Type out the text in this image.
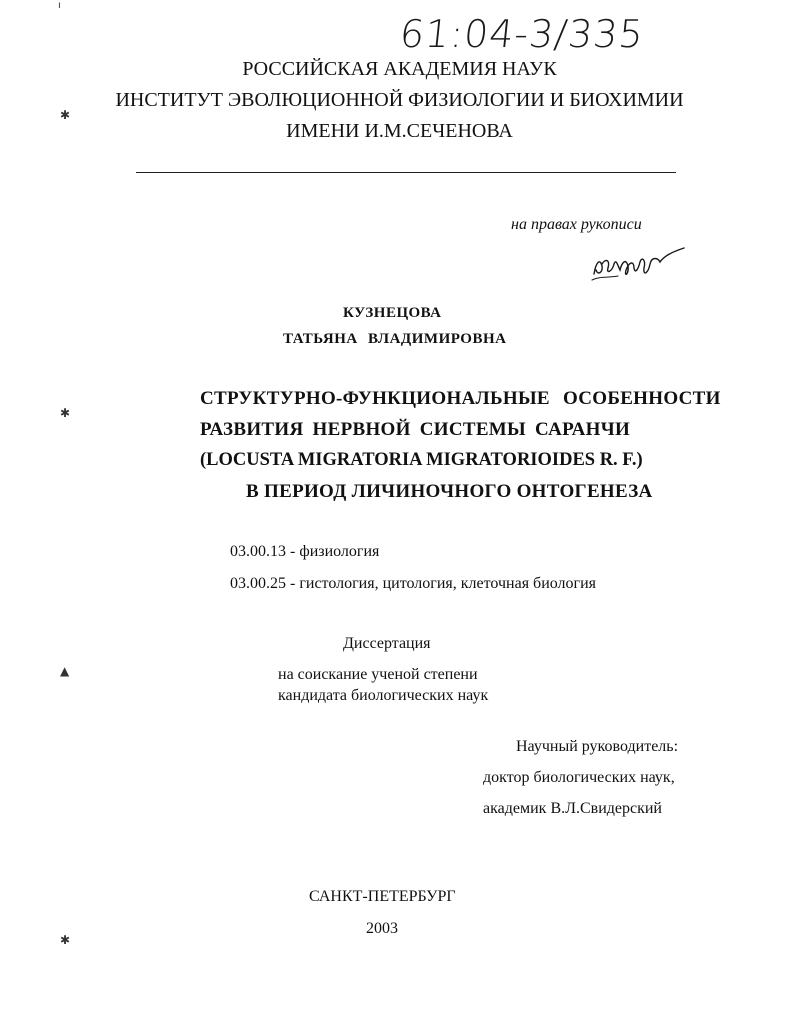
61:04-3/335
РОССИЙСКАЯ АКАДЕМИЯ НАУК
ИНСТИТУТ ЭВОЛЮЦИОННОЙ ФИЗИОЛОГИИ И БИОХИМИИ
ИМЕНИ И.М.СЕЧЕНОВА
на правах рукописи
КУЗНЕЦОВА
ТАТЬЯНА ВЛАДИМИРОВНА
СТРУКТУРНО-ФУНКЦИОНАЛЬНЫЕ ОСОБЕННОСТИ
РАЗВИТИЯ НЕРВНОЙ СИСТЕМЫ САРАНЧИ
(LOCUSTA MIGRATORIA MIGRATORIOIDES R. F.)
В ПЕРИОД ЛИЧИНОЧНОГО ОНТОГЕНЕЗА
03.00.13 - физиология
03.00.25 - гистология, цитология, клеточная биология
Диссертация
на соискание ученой степени
кандидата биологических наук
Научный руководитель:
доктор биологических наук,
академик В.Л.Свидерский
САНКТ-ПЕТЕРБУРГ
2003
✱
✱
▲
✱
ı
